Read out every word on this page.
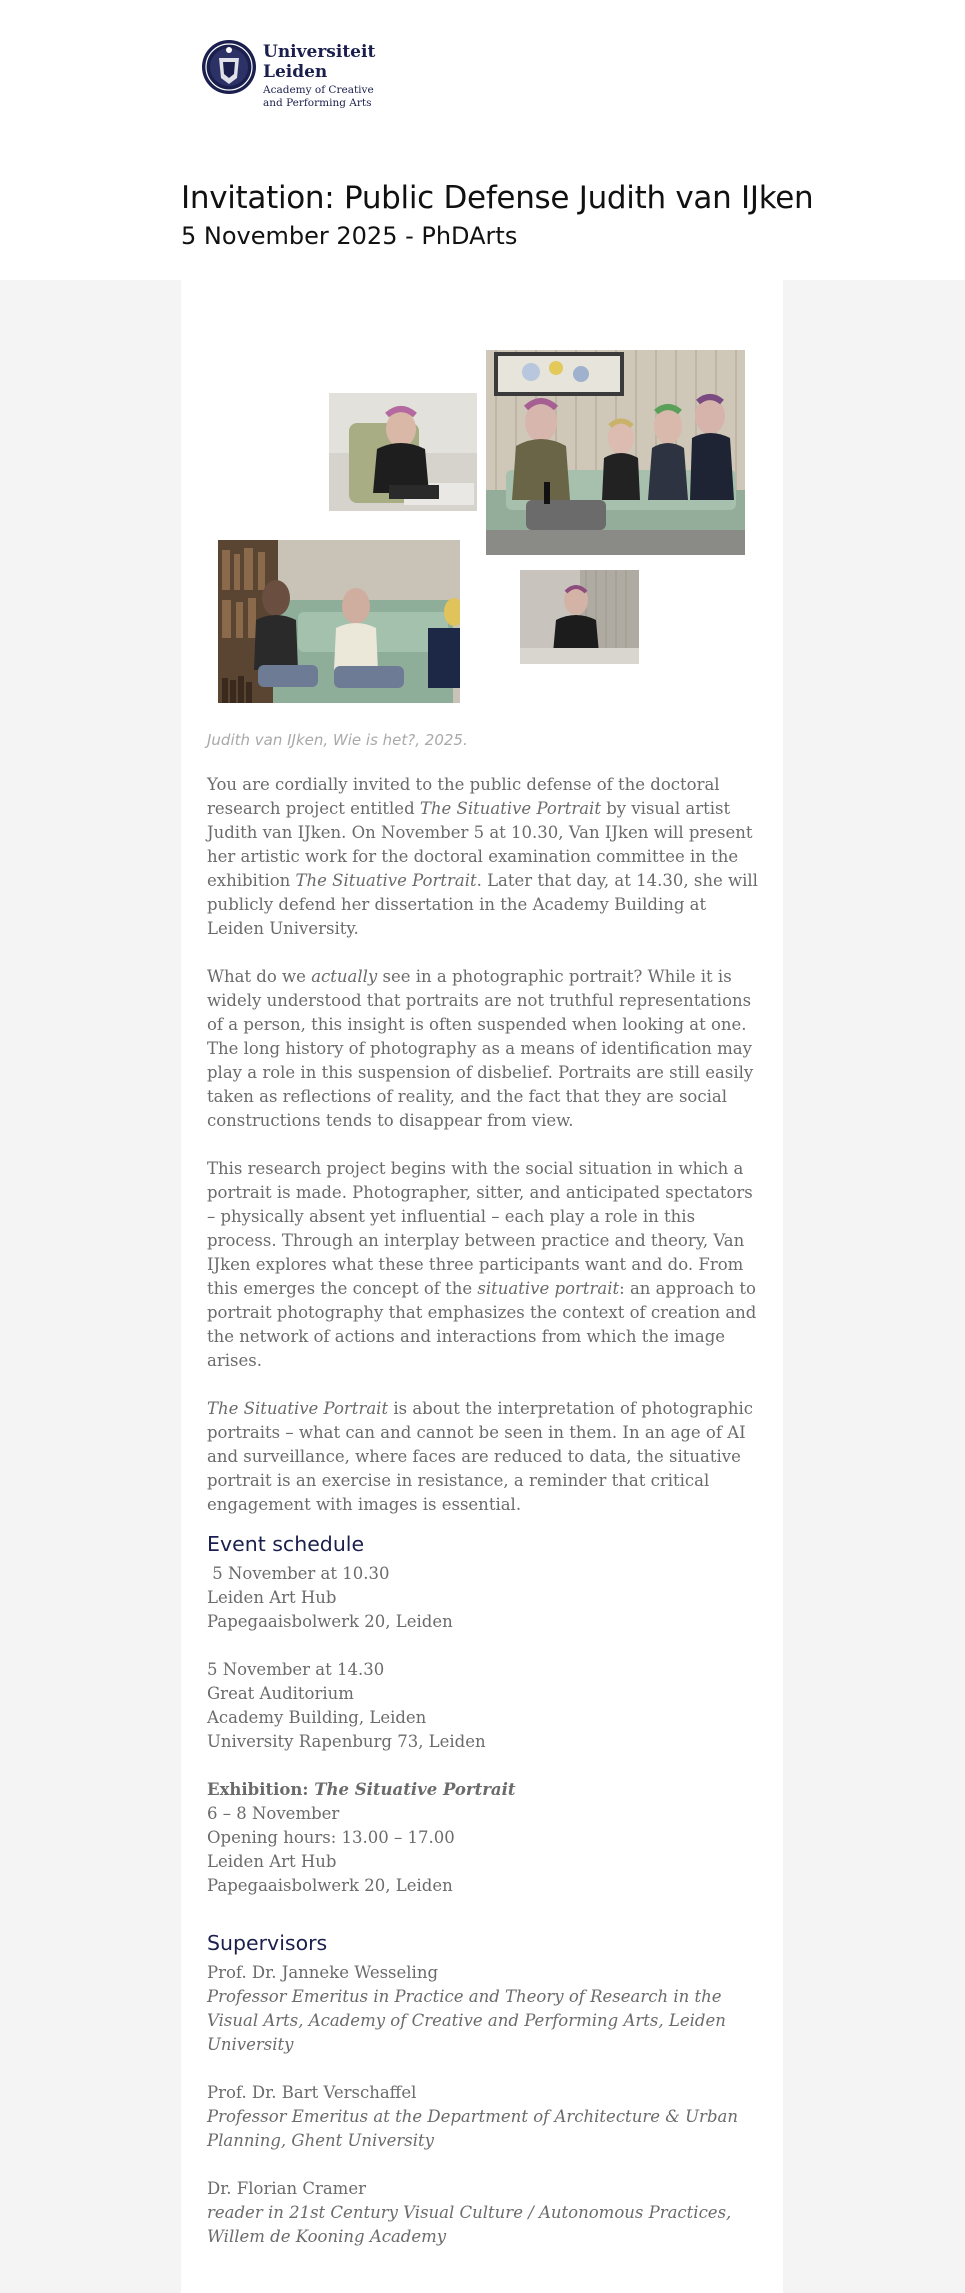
Universiteit
Leiden
Academy of Creative
and Performing Arts
Invitation: Public Defense Judith van IJken
5 November 2025 - PhDArts

Judith van IJken, Wie is het?, 2025.

You are cordially invited to the public defense of the doctoral research project entitled The Situative Portrait by visual artist Judith van IJken. On November 5 at 10.30, Van IJken will present her artistic work for the doctoral examination committee in the exhibition The Situative Portrait. Later that day, at 14.30, she will publicly defend her dissertation in the Academy Building at Leiden University.

What do we actually see in a photographic portrait? While it is widely understood that portraits are not truthful representations of a person, this insight is often suspended when looking at one. The long history of photography as a means of identification may play a role in this suspension of disbelief. Portraits are still easily taken as reflections of reality, and the fact that they are social constructions tends to disappear from view.

This research project begins with the social situation in which a portrait is made. Photographer, sitter, and anticipated spectators – physically absent yet influential – each play a role in this process. Through an interplay between practice and theory, Van IJken explores what these three participants want and do. From this emerges the concept of the situative portrait: an approach to portrait photography that emphasizes the context of creation and the network of actions and interactions from which the image arises.

The Situative Portrait is about the interpretation of photographic portraits – what can and cannot be seen in them. In an age of AI and surveillance, where faces are reduced to data, the situative portrait is an exercise in resistance, a reminder that critical engagement with images is essential.

Event schedule
5 November at 10.30
Leiden Art Hub
Papegaaisbolwerk 20, Leiden
5 November at 14.30
Great Auditorium
Academy Building, Leiden
University Rapenburg 73, Leiden
Exhibition: The Situative Portrait
6 – 8 November
Opening hours: 13.00 – 17.00
Leiden Art Hub
Papegaaisbolwerk 20, Leiden
Supervisors
Prof. Dr. Janneke Wesseling
Professor Emeritus in Practice and Theory of Research in the Visual Arts, Academy of Creative and Performing Arts, Leiden University
Prof. Dr. Bart Verschaffel
Professor Emeritus at the Department of Architecture & Urban Planning, Ghent University
Dr. Florian Cramer
reader in 21st Century Visual Culture / Autonomous Practices, Willem de Kooning Academy
